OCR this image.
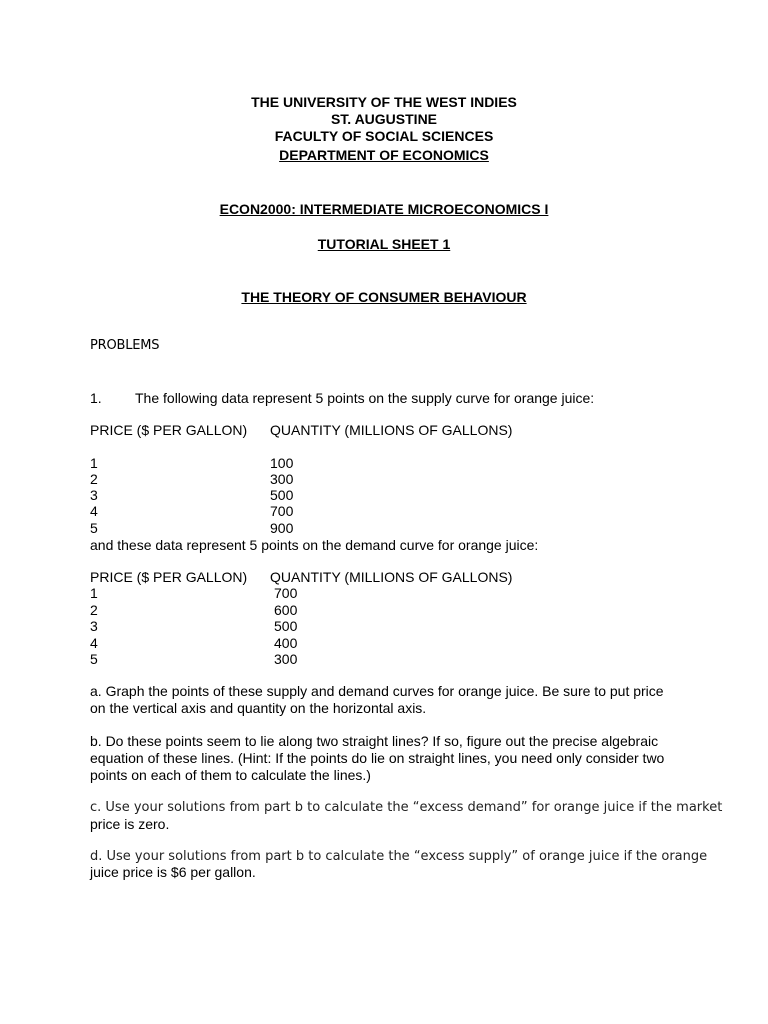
THE UNIVERSITY OF THE WEST INDIES
ST. AUGUSTINE
FACULTY OF SOCIAL SCIENCES
DEPARTMENT OF ECONOMICS
ECON2000: INTERMEDIATE MICROECONOMICS I
TUTORIAL SHEET 1
THE THEORY OF CONSUMER BEHAVIOUR
PROBLEMS
1. The following data represent 5 points on the supply curve for orange juice:
PRICE ($ PER GALLON) QUANTITY (MILLIONS OF GALLONS)
1	100
2	300
3	500
4	700
5	900
and these data represent 5 points on the demand curve for orange juice:
PRICE ($ PER GALLON) QUANTITY (MILLIONS OF GALLONS)
1	700
2	600
3	500
4	400
5	300
a. Graph the points of these supply and demand curves for orange juice. Be sure to put price on the vertical axis and quantity on the horizontal axis.
b. Do these points seem to lie along two straight lines? If so, figure out the precise algebraic equation of these lines. (Hint: If the points do lie on straight lines, you need only consider two points on each of them to calculate the lines.)
c. Use your solutions from part b to calculate the “excess demand” for orange juice if the market
price is zero.
d. Use your solutions from part b to calculate the “excess supply” of orange juice if the orange
juice price is $6 per gallon.
